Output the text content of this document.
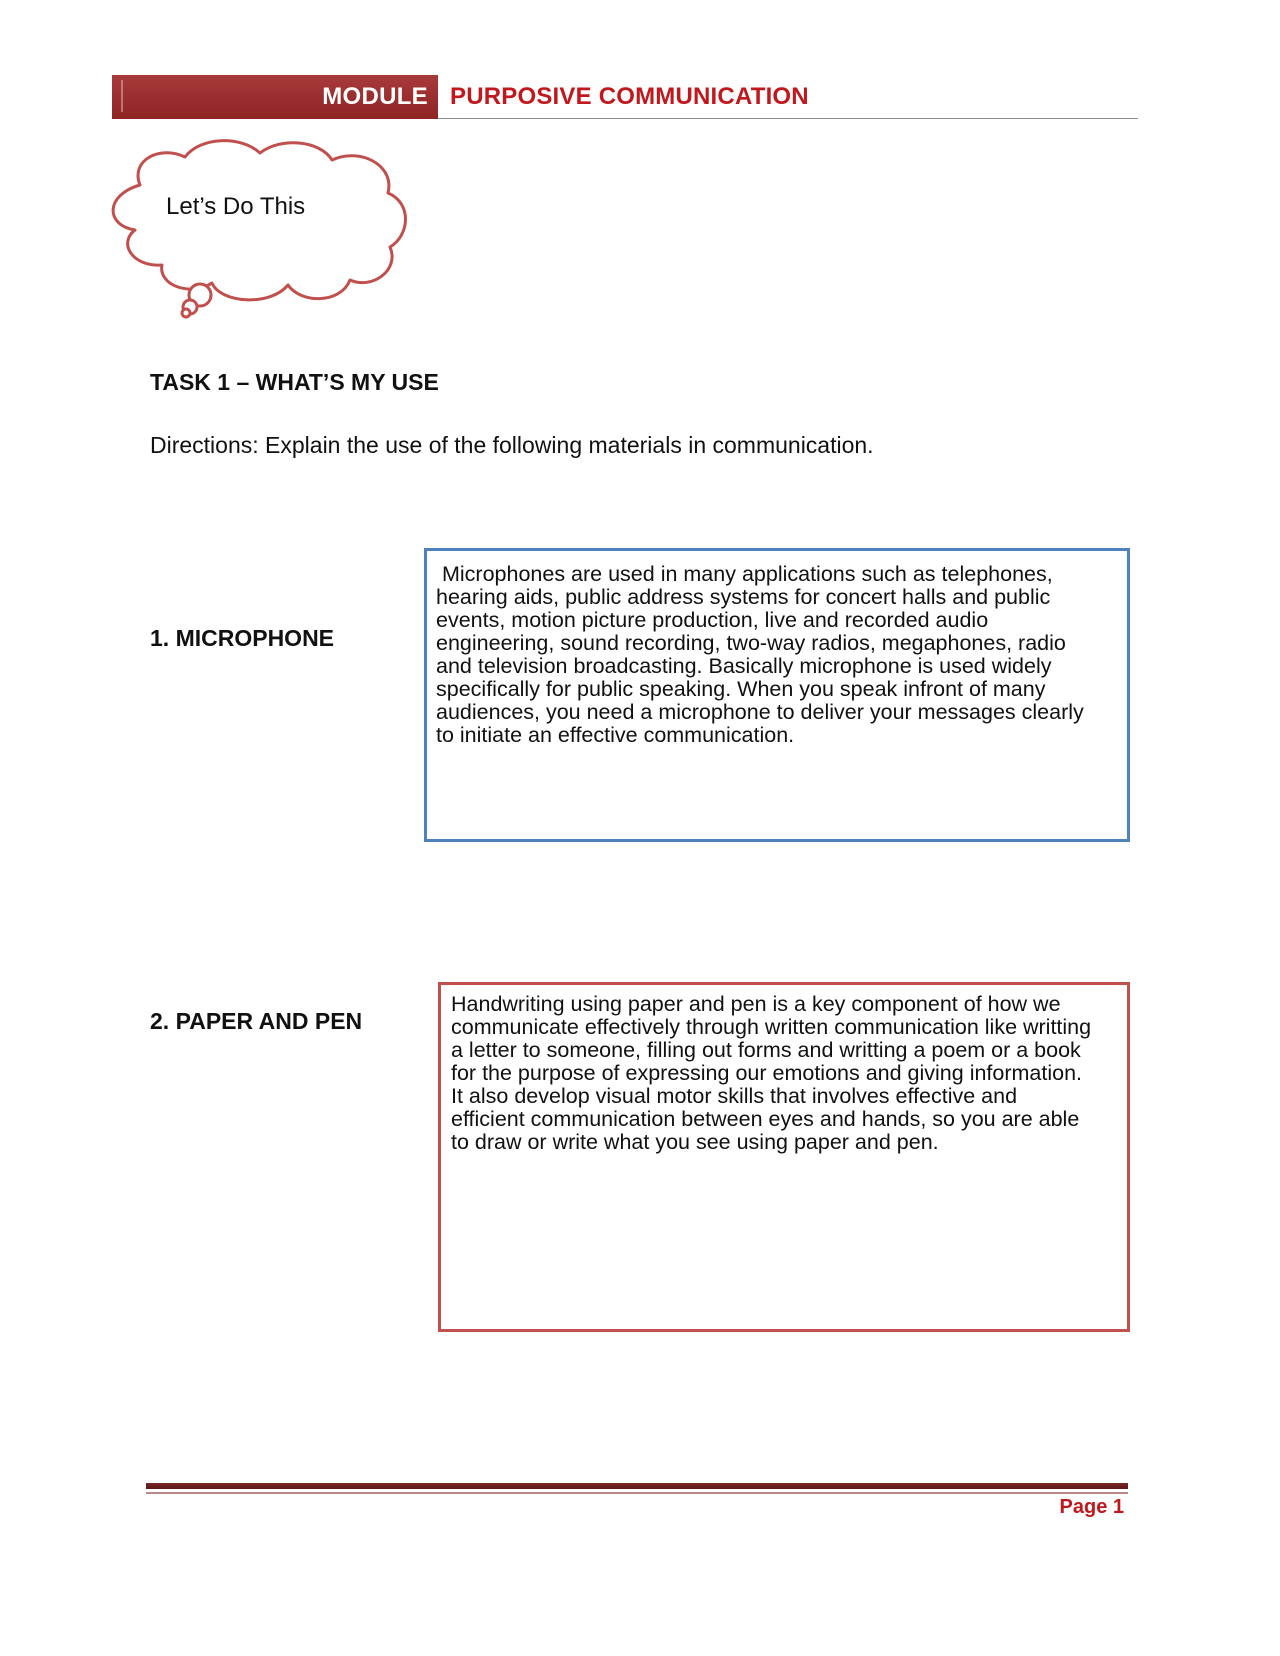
MODULE PURPOSIVE COMMUNICATION
Let’s Do This
TASK 1 – WHAT’S MY USE
Directions: Explain the use of the following materials in communication.
1. MICROPHONE
Microphones are used in many applications such as telephones,
hearing aids, public address systems for concert halls and public
events, motion picture production, live and recorded audio
engineering, sound recording, two-way radios, megaphones, radio
and television broadcasting. Basically microphone is used widely
specifically for public speaking. When you speak infront of many
audiences, you need a microphone to deliver your messages clearly
to initiate an effective communication.
2. PAPER AND PEN
Handwriting using paper and pen is a key component of how we
communicate effectively through written communication like writting
a letter to someone, filling out forms and writting a poem or a book
for the purpose of expressing our emotions and giving information.
It also develop visual motor skills that involves effective and
efficient communication between eyes and hands, so you are able
to draw or write what you see using paper and pen.
Page 1
